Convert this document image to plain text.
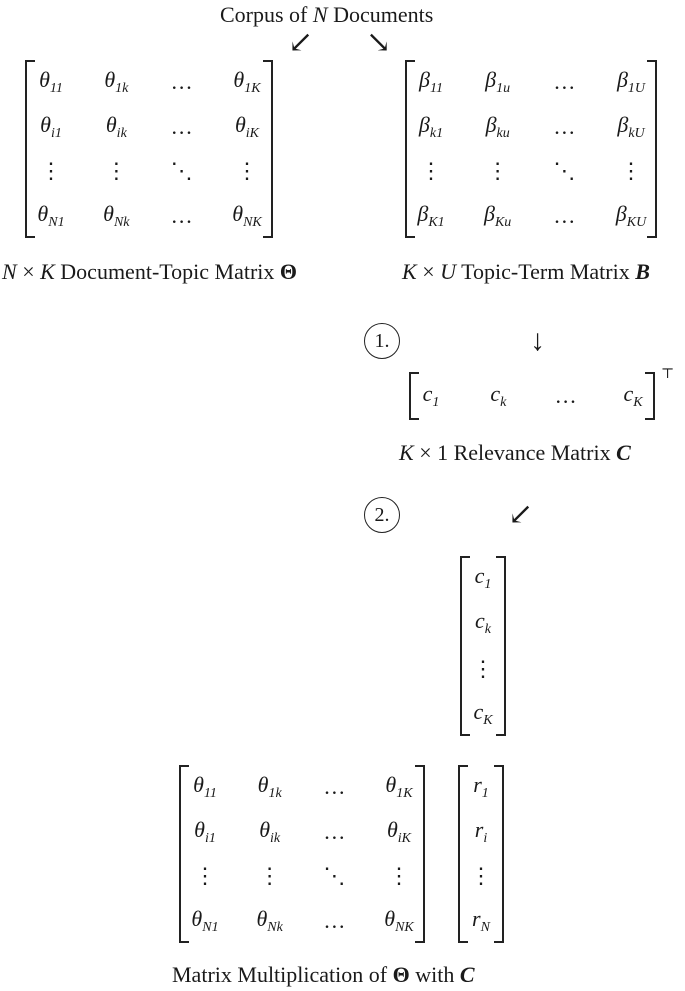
Corpus of N Documents
↙ ↘
$\theta_{11}$ $\theta_{1k}$ … $\theta_{1K}$
$\theta_{i1}$ $\theta_{ik}$ … $\theta_{iK}$
⋮ ⋮ ⋱ ⋮
$\theta_{N1}$ $\theta_{Nk}$ … $\theta_{NK}$
N × K Document-Topic Matrix Θ
$\beta_{11}$ $\beta_{1u}$ … $\beta_{1U}$
$\beta_{k1}$ $\beta_{ku}$ … $\beta_{kU}$
⋮ ⋮ ⋱ ⋮
$\beta_{K1}$ $\beta_{Ku}$ … $\beta_{KU}$
K × U Topic-Term Matrix B
1.	↓
$c_1$ $c_k$ … $c_K$
⊤
K × 1 Relevance Matrix C
2.	↙
$c_1$
$c_k$
⋮
$c_K$
$\theta_{11}$ $\theta_{1k}$ … $\theta_{1K}$
$\theta_{i1}$ $\theta_{ik}$ … $\theta_{iK}$
⋮ ⋮ ⋱ ⋮
$\theta_{N1}$ $\theta_{Nk}$ … $\theta_{NK}$
$r_1$
$r_i$
⋮
$r_N$
Matrix Multiplication of Θ with C
